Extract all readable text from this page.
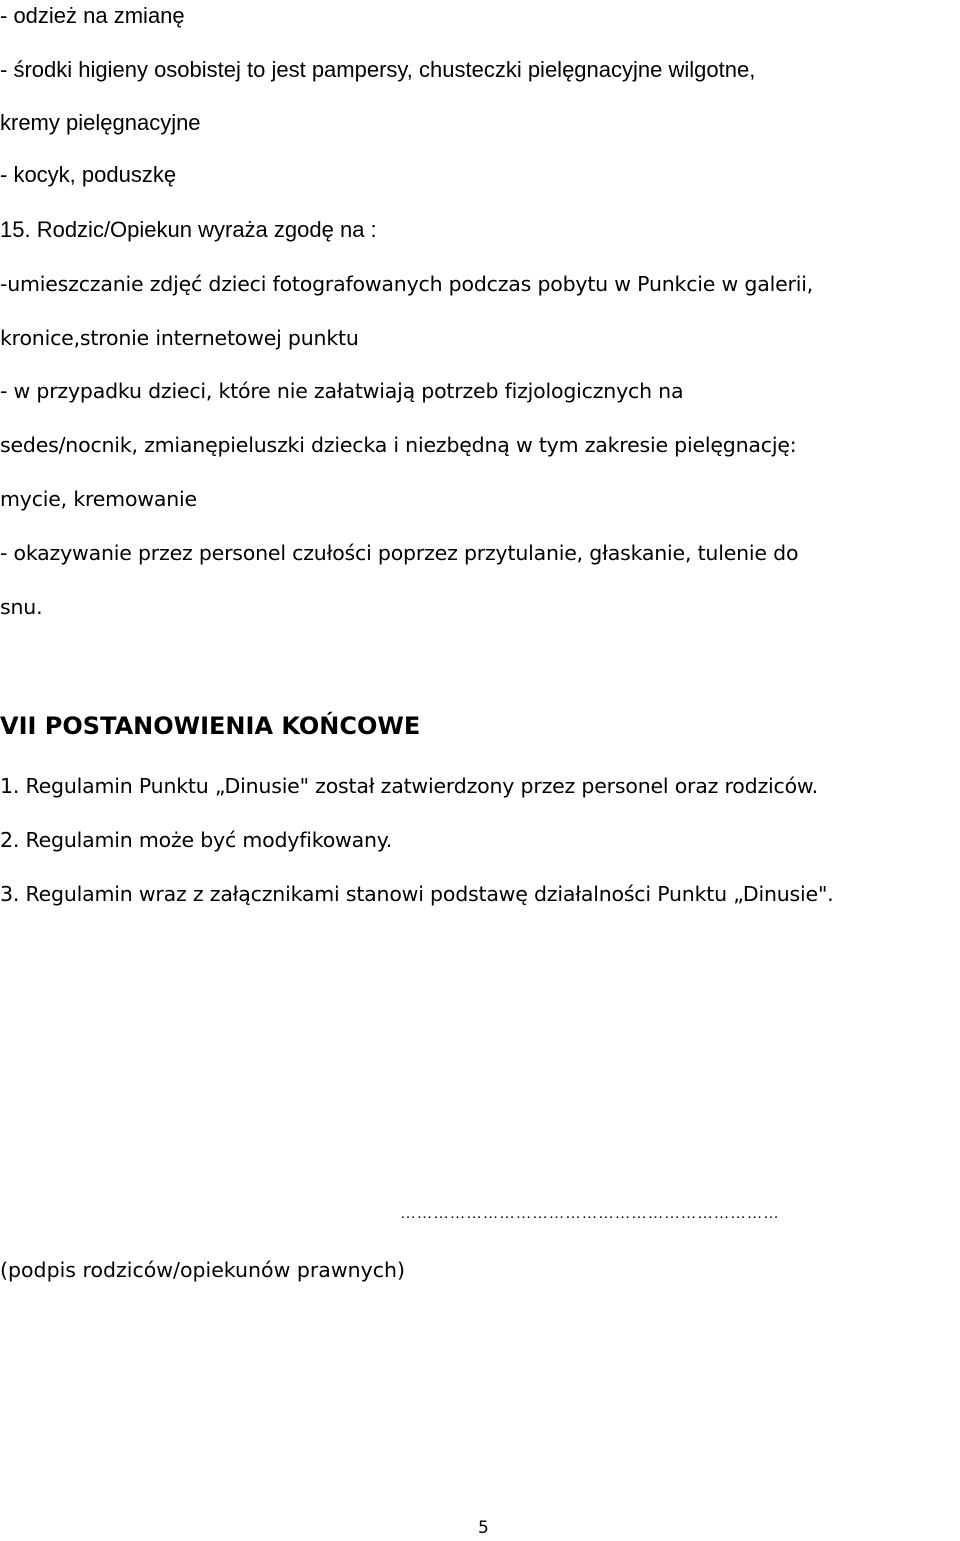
- odzież na zmianę
- środki higieny osobistej to jest pampersy, chusteczki pielęgnacyjne wilgotne,
kremy pielęgnacyjne
- kocyk, poduszkę
15. Rodzic/Opiekun wyraża zgodę na :
-umieszczanie zdjęć dzieci fotografowanych podczas pobytu w Punkcie w galerii,
kronice,stronie internetowej punktu
- w przypadku dzieci, które nie załatwiają potrzeb fizjologicznych na
sedes/nocnik, zmianępieluszki dziecka i niezbędną w tym zakresie pielęgnację:
mycie, kremowanie
- okazywanie przez personel czułości poprzez przytulanie, głaskanie, tulenie do
snu.
VII POSTANOWIENIA KOŃCOWE
1. Regulamin Punktu „Dinusie" został zatwierdzony przez personel oraz rodziców.
2. Regulamin może być modyfikowany.
3. Regulamin wraz z załącznikami stanowi podstawę działalności Punktu „Dinusie".
……………………………………………………………
(podpis rodziców/opiekunów prawnych)
5
